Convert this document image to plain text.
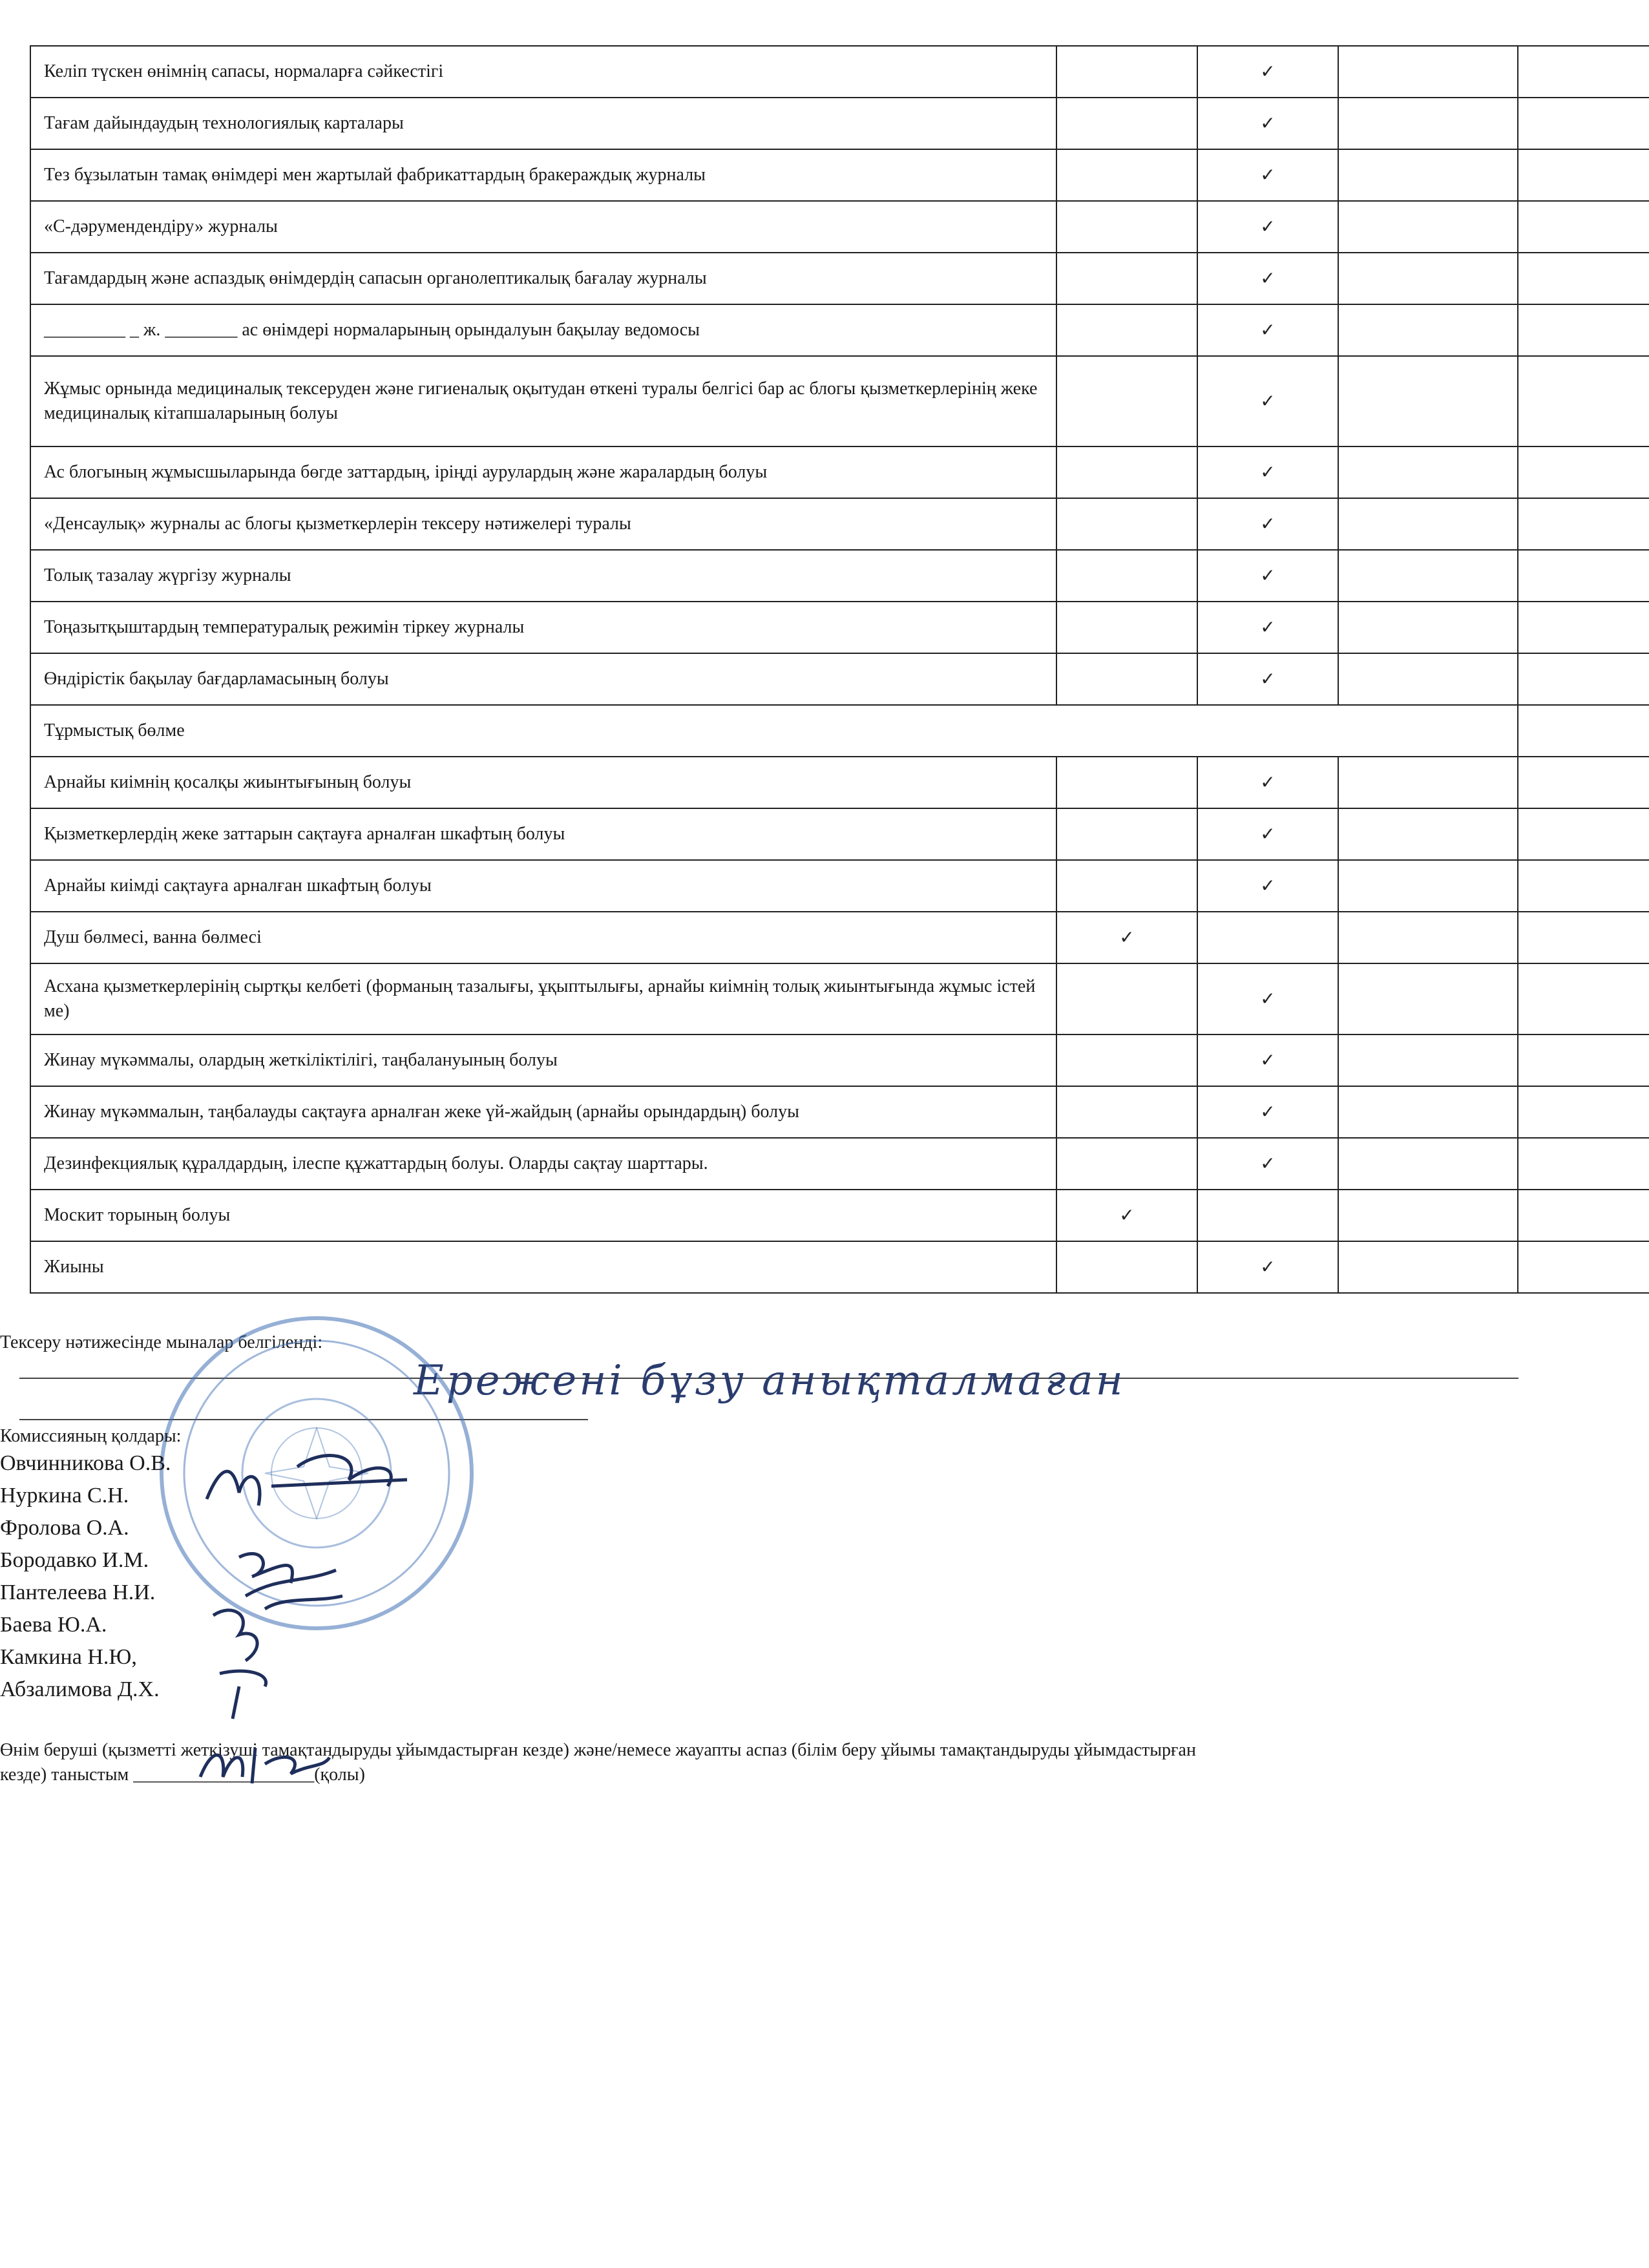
Келіп түскен өнімнің сапасы, нормаларға сәйкестігі		✓		
Тағам дайындаудың технологиялық карталары		✓		
Тез бұзылатын тамақ өнімдері мен жартылай фабрикаттардың бракераждық журналы		✓		
«С-дәрумендендіру» журналы		✓		
Тағамдардың және аспаздық өнімдердің сапасын органолептикалық бағалау журналы		✓		
_________ _ ж. ________ ас өнімдері нормаларының орындалуын бақылау ведомосы		✓		
Жұмыс орнында медициналық тексеруден және гигиеналық оқытудан өткені туралы белгісі бар ас блогы қызметкерлерінің жеке медициналық кітапшаларының болуы		✓		
Ас блогының жұмысшыларында бөгде заттардың, іріңді аурулардың және жаралардың болуы		✓		
«Денсаулық» журналы ас блогы қызметкерлерін тексеру нәтижелері туралы		✓		
Толық тазалау жүргізу журналы		✓		
Тоңазытқыштардың температуралық режимін тіркеу журналы		✓		
Өндірістік бақылау бағдарламасының болуы		✓		
Тұрмыстық бөлме				
Арнайы киімнің қосалқы жиынтығының болуы		✓		
Қызметкерлердің жеке заттарын сақтауға арналған шкафтың болуы		✓		
Арнайы киімді сақтауға арналған шкафтың болуы		✓		
Душ бөлмесі, ванна бөлмесі	✓			
Асхана қызметкерлерінің сыртқы келбеті (форманың тазалығы, ұқыптылығы, арнайы киімнің толық жиынтығында жұмыс істей ме)		✓		
Жинау мүкәммалы, олардың жеткіліктілігі, таңбалануының болуы		✓		
Жинау мүкәммалын, таңбалауды сақтауға арналған жеке үй-жайдың (арнайы орындардың) болуы		✓		
Дезинфекциялық құралдардың, ілеспе құжаттардың болуы. Оларды сақтау шарттары.		✓		
Москит торының болуы	✓			
Жиыны		✓		
Тексеру нәтижесінде мыналар белгіленді:
Ережені бұзу анықталмаған
Комиссияның қолдары:
Овчинникова О.В.
Нуркина С.Н.
Фролова О.А.
Бородавко И.М.
Пантелеева Н.И.
Баева Ю.А.
Камкина Н.Ю,
Абзалимова Д.Х.
Өнім беруші (қызметті жеткізуші тамақтандыруды ұйымдастырған кезде) және/немесе жауапты аспаз (білім беру ұйымы тамақтандыруды ұйымдастырған
кезде) таныстым ____________________(қолы)
